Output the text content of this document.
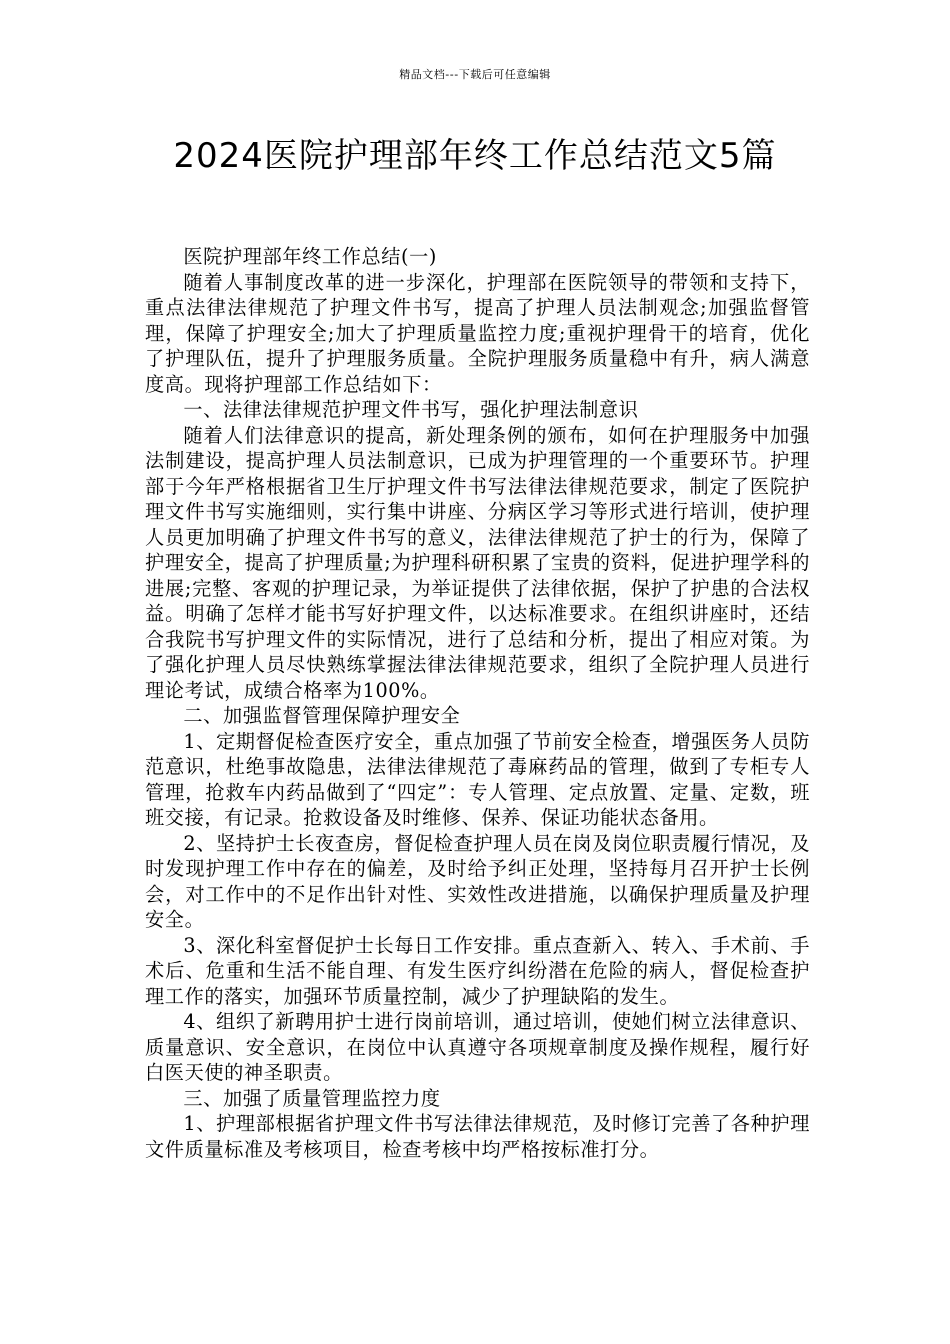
精品文档---下载后可任意编辑
2024医院护理部年终工作总结范文5篇

医院护理部年终工作总结(一)

随着人事制度改革的进一步深化，护理部在医院领导的带领和支持下，重点法律法律规范了护理文件书写，提高了护理人员法制观念;加强监督管理，保障了护理安全;加大了护理质量监控力度;重视护理骨干的培育，优化了护理队伍，提升了护理服务质量。全院护理服务质量稳中有升，病人满意度高。现将护理部工作总结如下：

一、法律法律规范护理文件书写，强化护理法制意识

随着人们法律意识的提高，新处理条例的颁布，如何在护理服务中加强法制建设，提高护理人员法制意识，已成为护理管理的一个重要环节。护理部于今年严格根据省卫生厅护理文件书写法律法律规范要求，制定了医院护理文件书写实施细则，实行集中讲座、分病区学习等形式进行培训，使护理人员更加明确了护理文件书写的意义，法律法律规范了护士的行为，保障了护理安全，提高了护理质量;为护理科研积累了宝贵的资料，促进护理学科的进展;完整、客观的护理记录，为举证提供了法律依据，保护了护患的合法权益。明确了怎样才能书写好护理文件，以达标准要求。在组织讲座时，还结合我院书写护理文件的实际情况，进行了总结和分析，提出了相应对策。为了强化护理人员尽快熟练掌握法律法律规范要求，组织了全院护理人员进行理论考试，成绩合格率为100%。

二、加强监督管理保障护理安全

1、定期督促检查医疗安全，重点加强了节前安全检查，增强医务人员防范意识，杜绝事故隐患，法律法律规范了毒麻药品的管理，做到了专柜专人管理，抢救车内药品做到了“四定”：专人管理、定点放置、定量、定数，班班交接，有记录。抢救设备及时维修、保养、保证功能状态备用。

2、坚持护士长夜查房，督促检查护理人员在岗及岗位职责履行情况，及时发现护理工作中存在的偏差，及时给予纠正处理，坚持每月召开护士长例会，对工作中的不足作出针对性、实效性改进措施，以确保护理质量及护理安全。

3、深化科室督促护士长每日工作安排。重点查新入、转入、手术前、手术后、危重和生活不能自理、有发生医疗纠纷潜在危险的病人，督促检查护理工作的落实，加强环节质量控制，减少了护理缺陷的发生。

4、组织了新聘用护士进行岗前培训，通过培训，使她们树立法律意识、质量意识、安全意识，在岗位中认真遵守各项规章制度及操作规程，履行好白医天使的神圣职责。

三、加强了质量管理监控力度

1、护理部根据省护理文件书写法律法律规范，及时修订完善了各种护理文件质量标准及考核项目，检查考核中均严格按标准打分。
